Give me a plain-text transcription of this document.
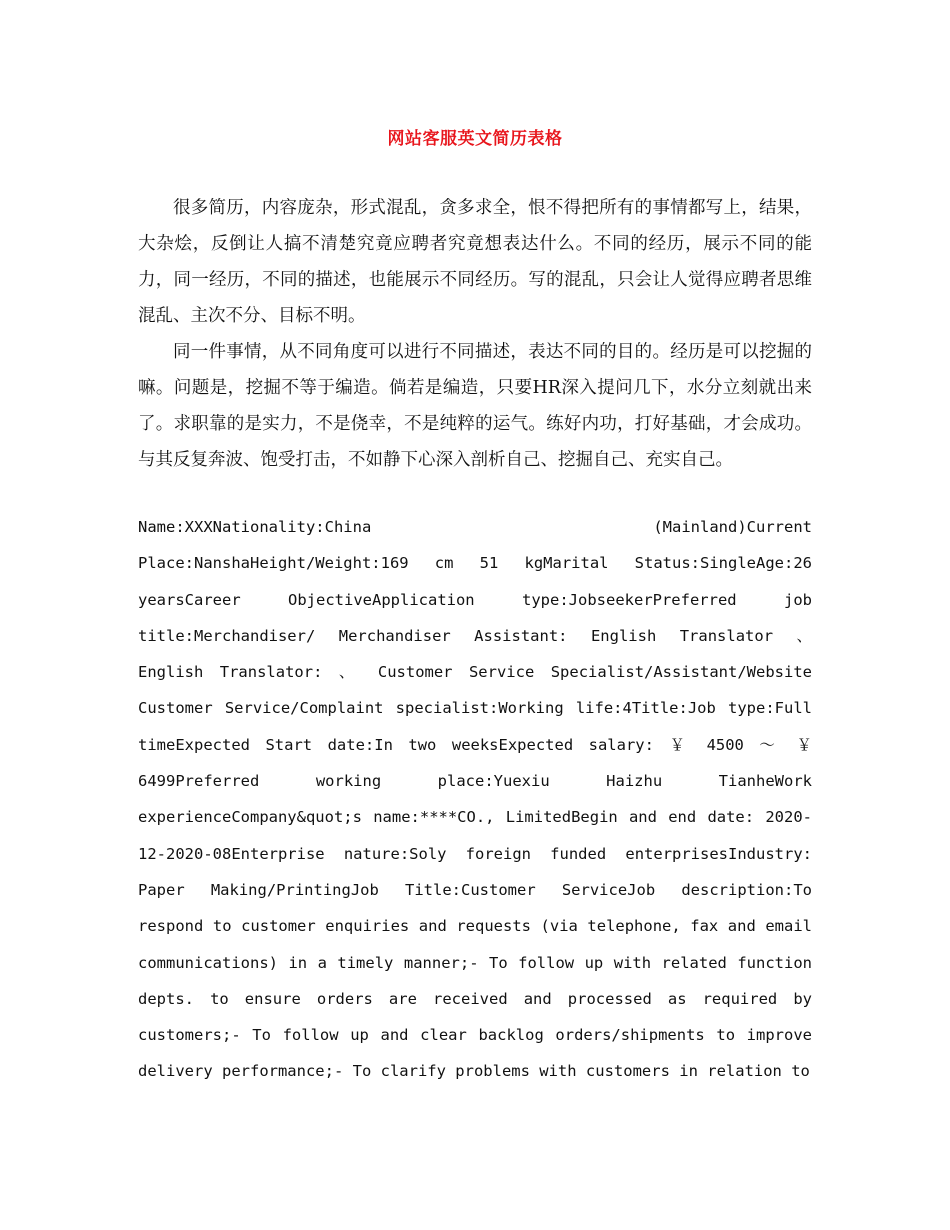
网站客服英文简历表格

很多简历，内容庞杂，形式混乱，贪多求全，恨不得把所有的事情都写上，结果，大杂烩，反倒让人搞不清楚究竟应聘者究竟想表达什么。不同的经历，展示不同的能力，同一经历，不同的描述，也能展示不同经历。写的混乱，只会让人觉得应聘者思维混乱、主次不分、目标不明。

同一件事情，从不同角度可以进行不同描述，表达不同的目的。经历是可以挖掘的嘛。问题是，挖掘不等于编造。倘若是编造，只要HR深入提问几下，水分立刻就出来了。求职靠的是实力，不是侥幸，不是纯粹的运气。练好内功，打好基础，才会成功。与其反复奔波、饱受打击，不如静下心深入剖析自己、挖掘自己、充实自己。

Name:XXXNationality:China (Mainland)Current Place:NanshaHeight/Weight:169 cm 51 kgMarital Status:SingleAge:26 yearsCareer ObjectiveApplication type:JobseekerPreferred job title:Merchandiser/ Merchandiser Assistant: English Translator 、 English Translator: 、 Customer Service Specialist/Assistant/Website Customer Service/Complaint specialist:Working life:4Title:Job type:Full timeExpected Start date:In two weeksExpected salary: ￥ 4500 ～ ￥ 6499Preferred working place:Yuexiu Haizhu TianheWork experienceCompany&quot;s name:****CO., LimitedBegin and end date: 2020-12-2020-08Enterprise nature:Soly foreign funded enterprisesIndustry: Paper Making/PrintingJob Title:Customer ServiceJob description:To respond to customer enquiries and requests (via telephone, fax and email communications) in a timely manner;- To follow up with related function depts. to ensure orders are received and processed as required by customers;- To follow up and clear backlog orders/shipments to improve delivery performance;- To clarify problems with customers in relation to
